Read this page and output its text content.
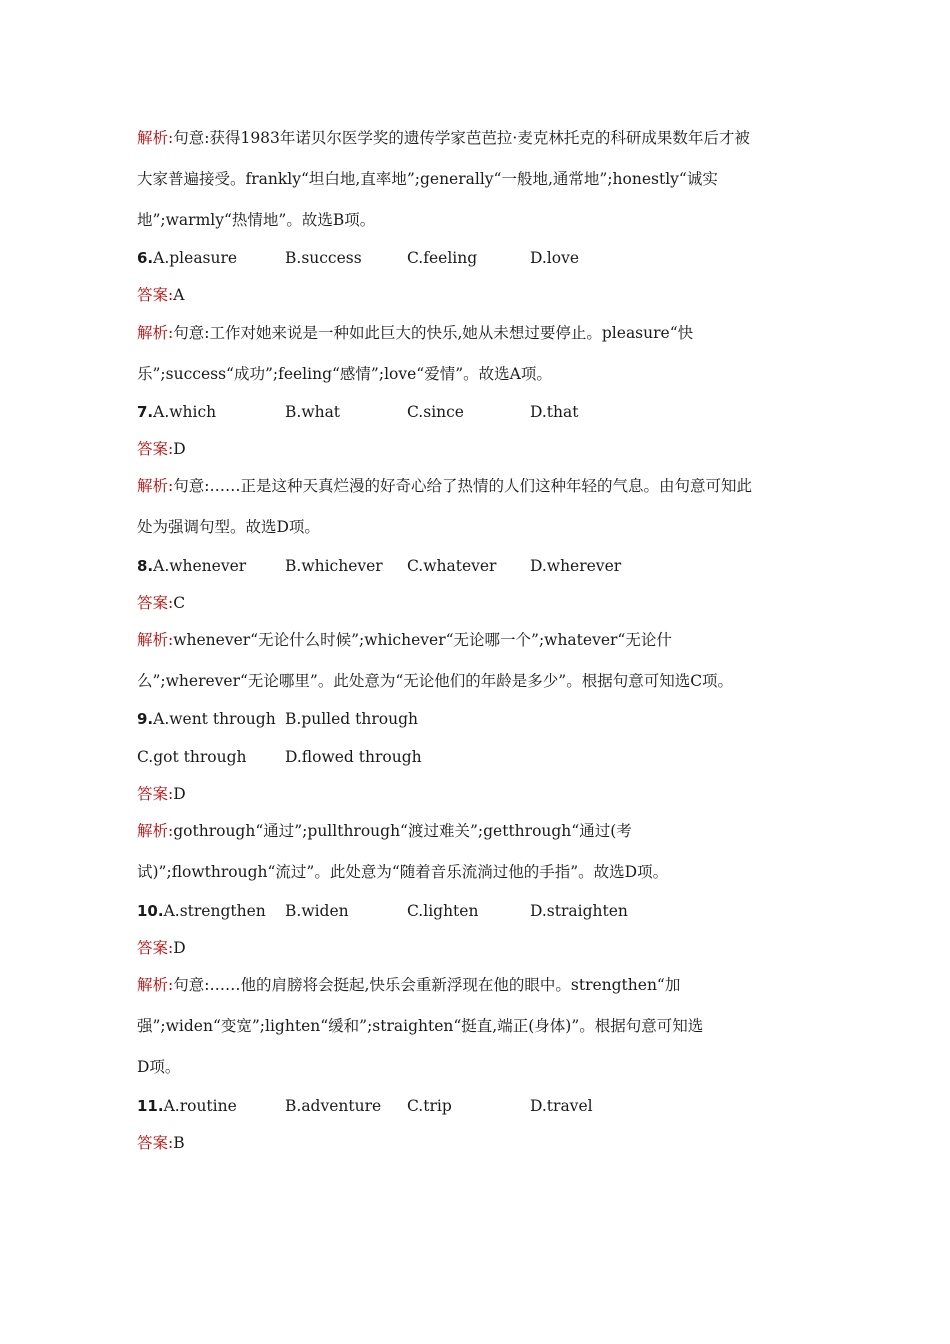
解析:句意:获得1983年诺贝尔医学奖的遗传学家芭芭拉·麦克林托克的科研成果数年后才被
大家普遍接受。frankly“坦白地,直率地”;generally“一般地,通常地”;honestly“诚实
地”;warmly“热情地”。故选B项。
6.A.pleasure	B.success	C.feeling	D.love
答案:A
解析:句意:工作对她来说是一种如此巨大的快乐,她从未想过要停止。pleasure“快
乐”;success“成功”;feeling“感情”;love“爱情”。故选A项。
7.A.which	B.what	C.since	D.that
答案:D
解析:句意:……正是这种天真烂漫的好奇心给了热情的人们这种年轻的气息。由句意可知此
处为强调句型。故选D项。
8.A.whenever	B.whichever C.whatever D.wherever
答案:C
解析:whenever“无论什么时候”;whichever“无论哪一个”;whatever“无论什
么”;wherever“无论哪里”。此处意为“无论他们的年龄是多少”。根据句意可知选C项。
9.A.went through B.pulled through
C.got through D.flowed through
答案:D
解析:gothrough“通过”;pullthrough“渡过难关”;getthrough“通过(考
试)”;flowthrough“流过”。此处意为“随着音乐流淌过他的手指”。故选D项。
10.A.strengthen B.widen	C.lighten	D.straighten
答案:D
解析:句意:……他的肩膀将会挺起,快乐会重新浮现在他的眼中。strengthen“加
强”;widen“变宽”;lighten“缓和”;straighten“挺直,端正(身体)”。根据句意可知选
D项。
11.A.routine	B.adventure C.trip	D.travel
答案:B
